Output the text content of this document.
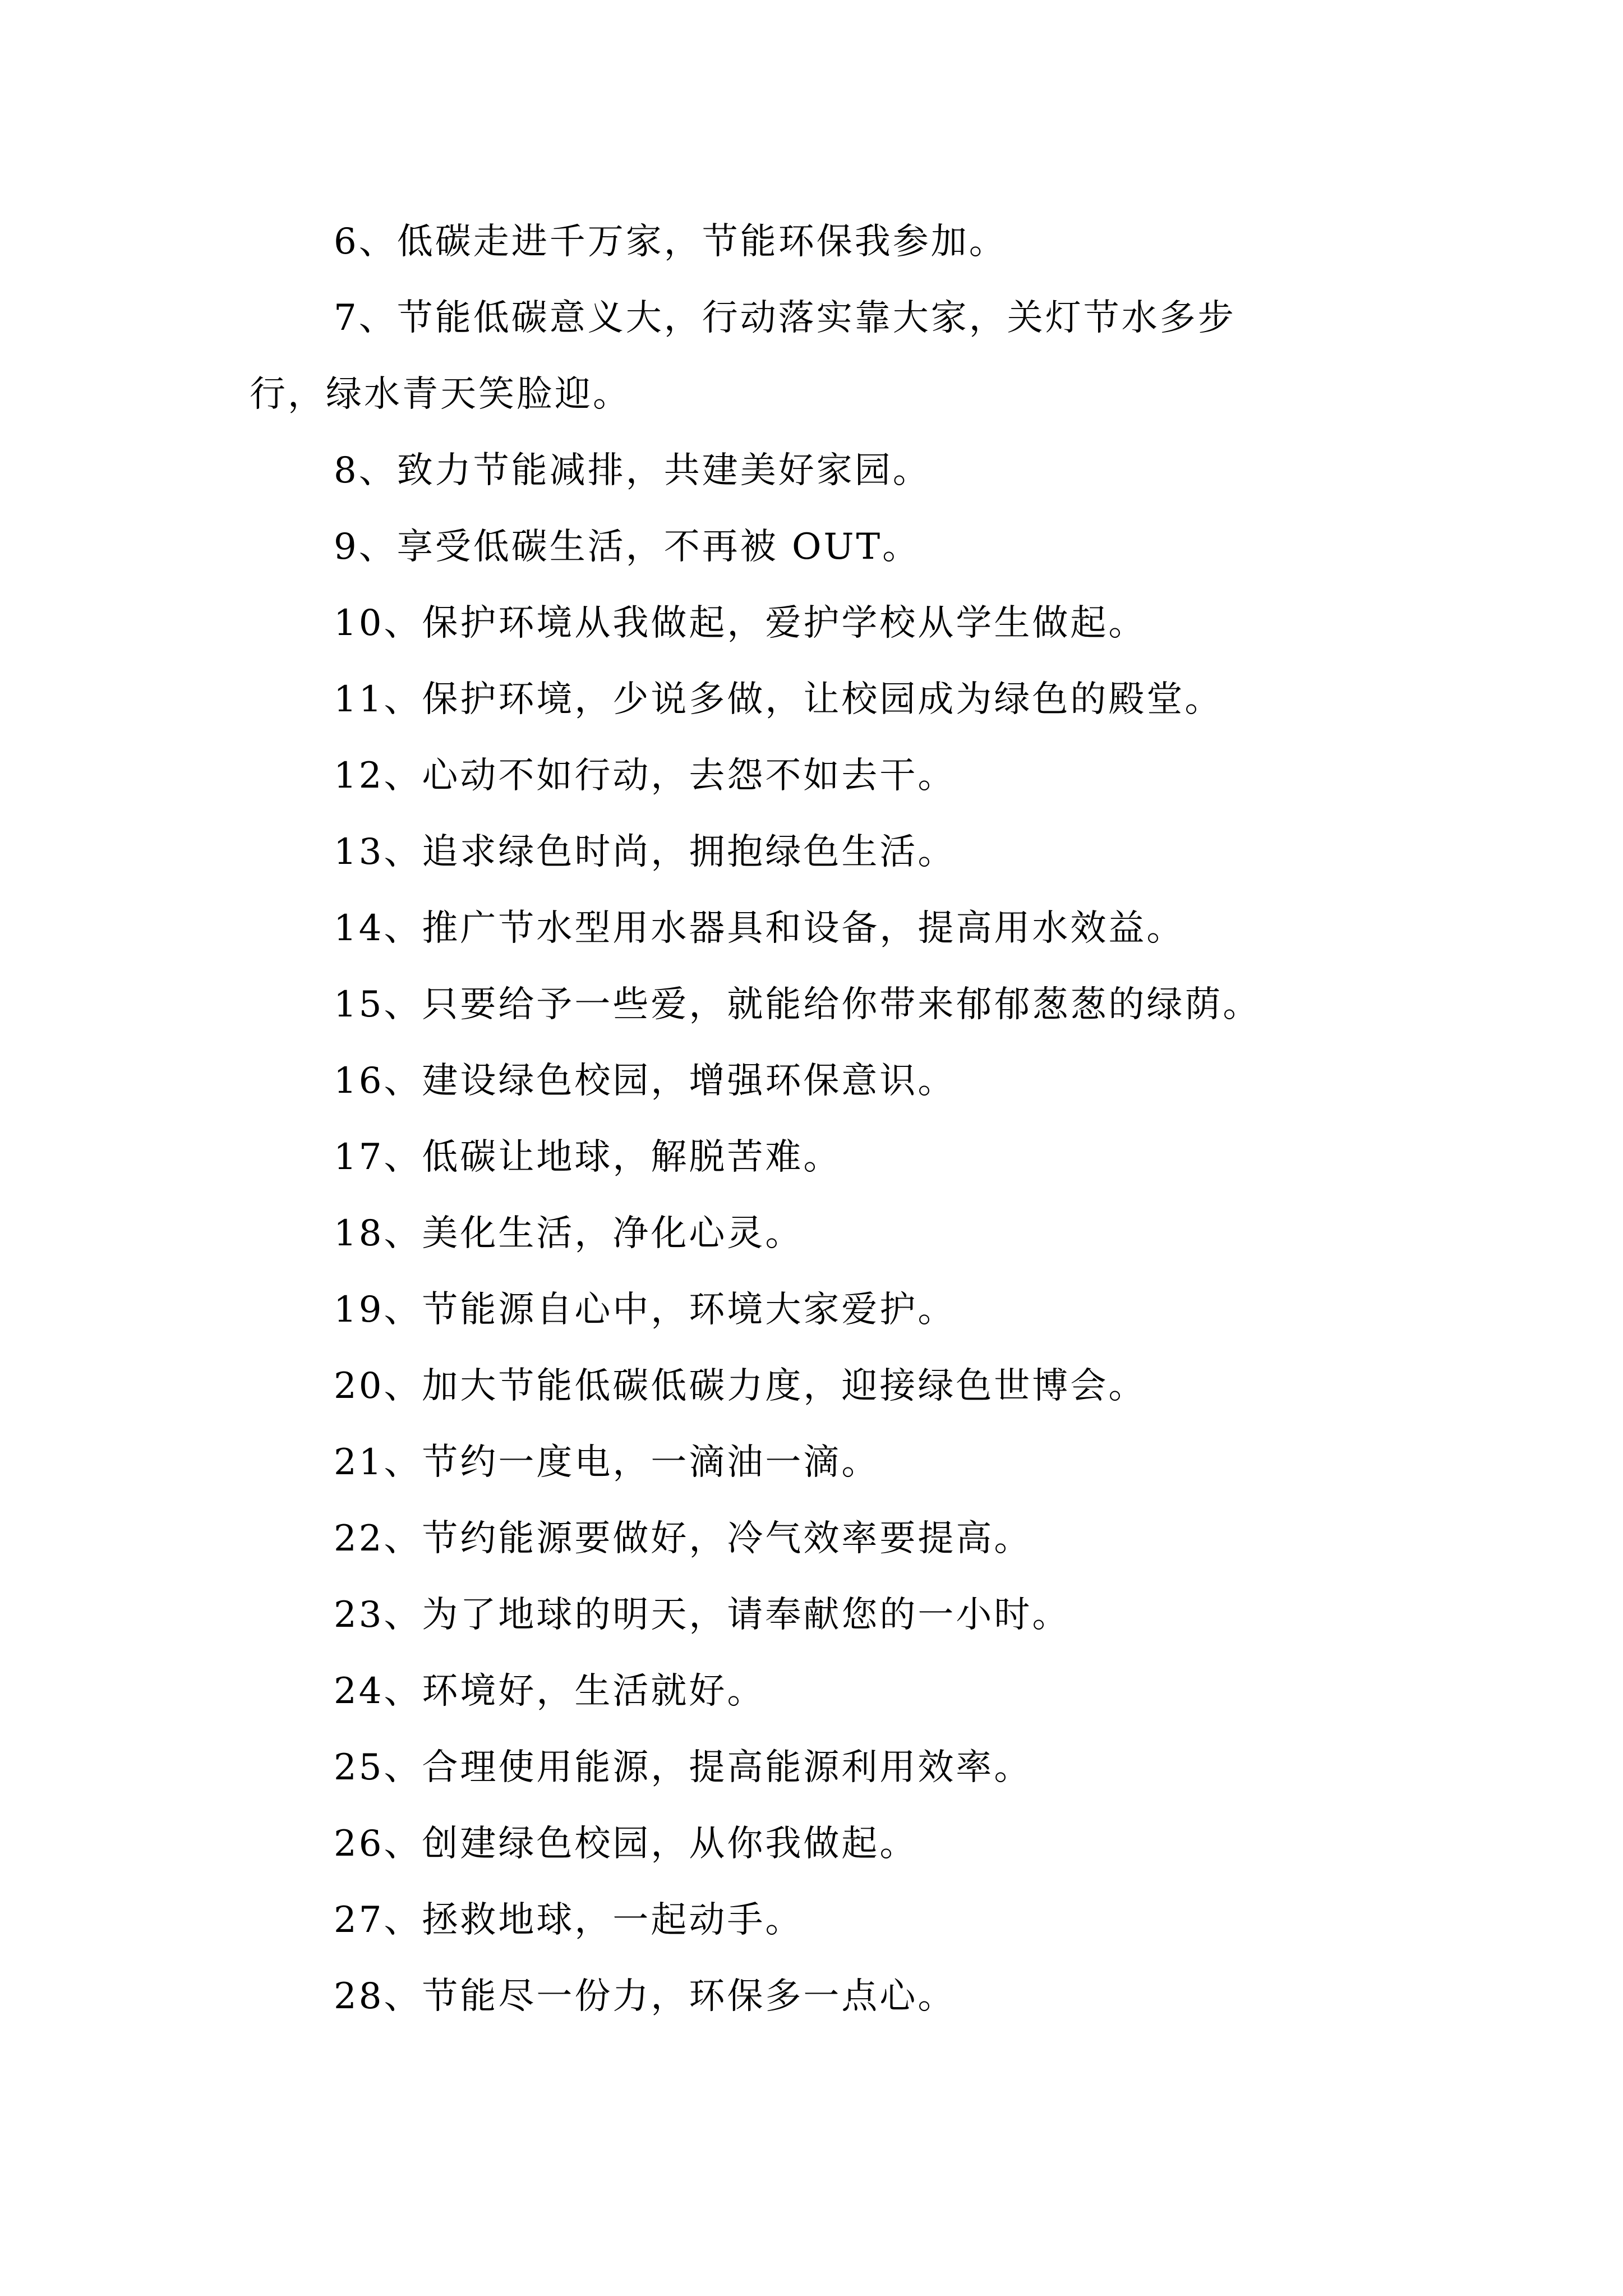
6、低碳走进千万家，节能环保我参加。
7、节能低碳意义大，行动落实靠大家，关灯节水多步
行，绿水青天笑脸迎。
8、致力节能减排，共建美好家园。
9、享受低碳生活，不再被 OUT。
10、保护环境从我做起，爱护学校从学生做起。
11、保护环境，少说多做，让校园成为绿色的殿堂。
12、心动不如行动，去怨不如去干。
13、追求绿色时尚，拥抱绿色生活。
14、推广节水型用水器具和设备，提高用水效益。
15、只要给予一些爱，就能给你带来郁郁葱葱的绿荫。
16、建设绿色校园，增强环保意识。
17、低碳让地球，解脱苦难。
18、美化生活，净化心灵。
19、节能源自心中，环境大家爱护。
20、加大节能低碳低碳力度，迎接绿色世博会。
21、节约一度电，一滴油一滴。
22、节约能源要做好，冷气效率要提高。
23、为了地球的明天，请奉献您的一小时。
24、环境好，生活就好。
25、合理使用能源，提高能源利用效率。
26、创建绿色校园，从你我做起。
27、拯救地球，一起动手。
28、节能尽一份力，环保多一点心。
